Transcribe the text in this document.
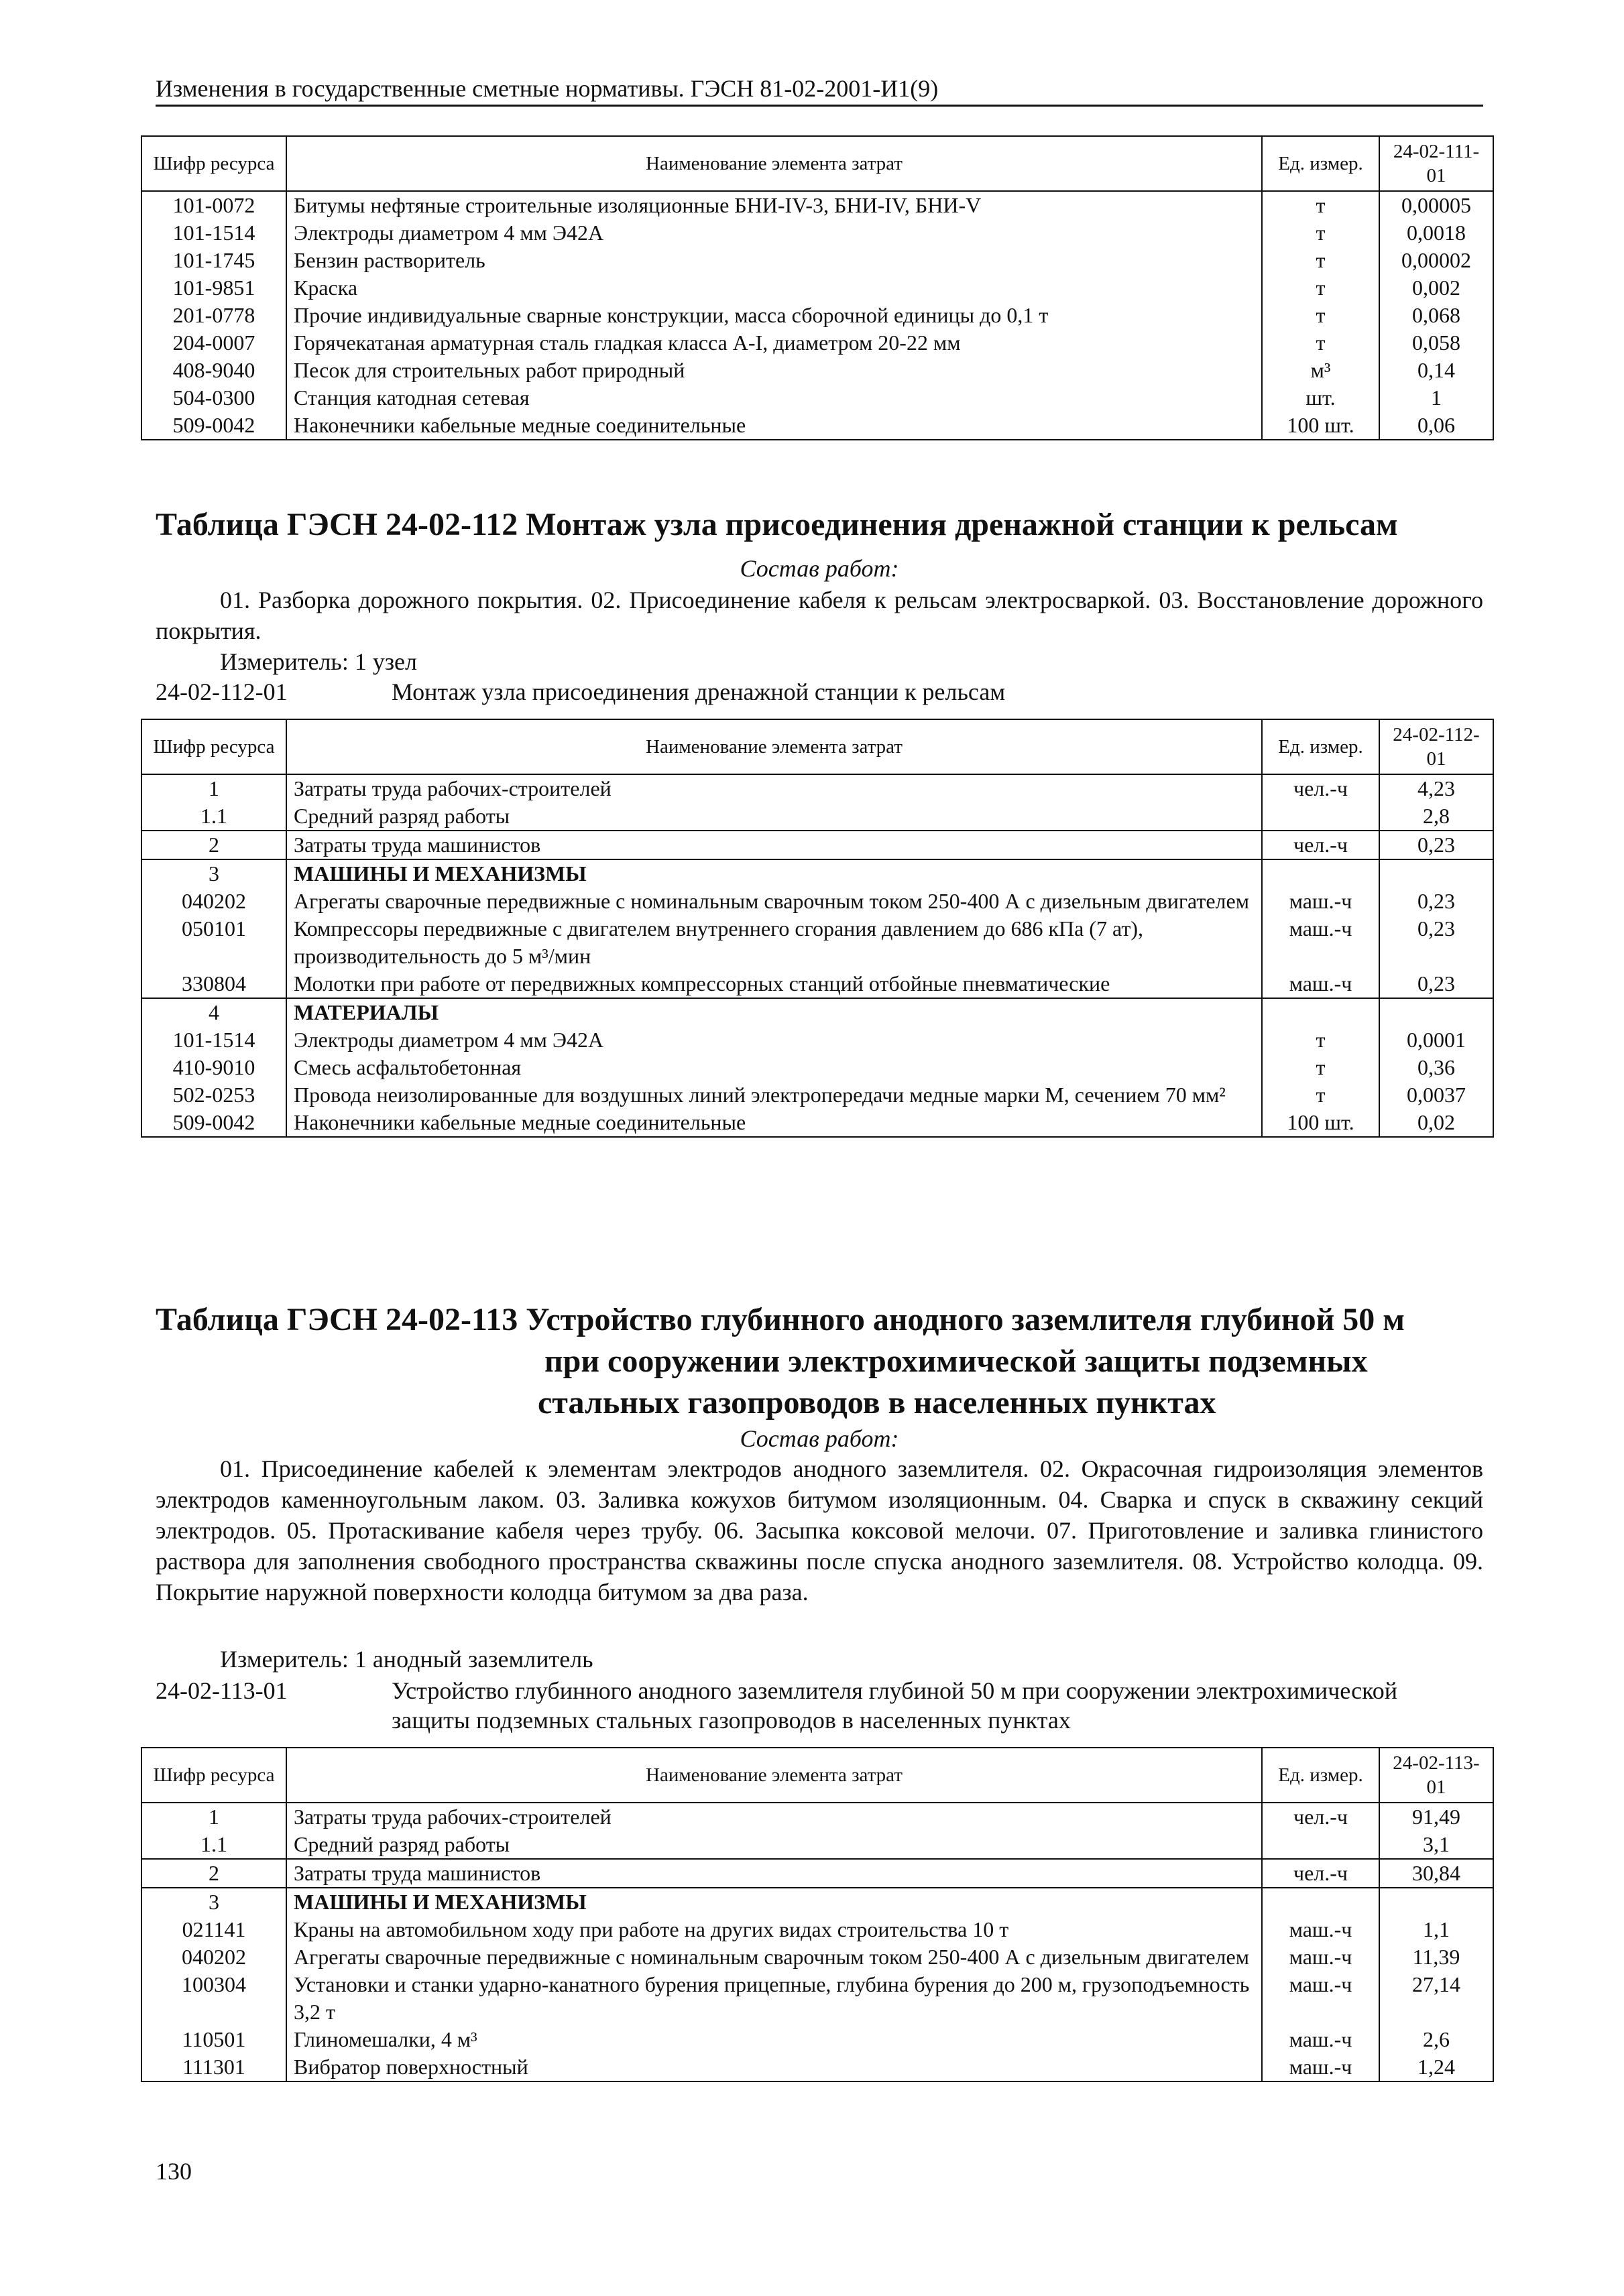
Изменения в государственные сметные нормативы. ГЭСН 81-02-2001-И1(9)
Шифр ресурса	Наименование элемента затрат	Ед. измер.	24-02-111-01
101-0072	Битумы нефтяные строительные изоляционные БНИ-IV-3, БНИ-IV, БНИ-V	т	0,00005
101-1514	Электроды диаметром 4 мм Э42А	т	0,0018
101-1745	Бензин растворитель	т	0,00002
101-9851	Краска	т	0,002
201-0778	Прочие индивидуальные сварные конструкции, масса сборочной единицы до 0,1 т	т	0,068
204-0007	Горячекатаная арматурная сталь гладкая класса A-I, диаметром 20-22 мм	т	0,058
408-9040	Песок для строительных работ природный	м³	0,14
504-0300	Станция катодная сетевая	шт.	1
509-0042	Наконечники кабельные медные соединительные	100 шт.	0,06
Таблица ГЭСН 24-02-112 Монтаж узла присоединения дренажной станции к рельсам
Состав работ:
01. Разборка дорожного покрытия. 02. Присоединение кабеля к рельсам электросваркой. 03. Восстановление дорожного покрытия.
Измеритель: 1 узел
24-02-112-01	Монтаж узла присоединения дренажной станции к рельсам
Шифр ресурса	Наименование элемента затрат	Ед. измер.	24-02-112-01
1	Затраты труда рабочих-строителей	чел.-ч	4,23
1.1	Средний разряд работы		2,8
2	Затраты труда машинистов	чел.-ч	0,23
3	МАШИНЫ И МЕХАНИЗМЫ		
040202	Агрегаты сварочные передвижные с номинальным сварочным током 250-400 А с дизельным двигателем	маш.-ч	0,23
050101	Компрессоры передвижные с двигателем внутреннего сгорания давлением до 686 кПа (7 ат), производительность до 5 м³/мин	маш.-ч	0,23
330804	Молотки при работе от передвижных компрессорных станций отбойные пневматические	маш.-ч	0,23
4	МАТЕРИАЛЫ		
101-1514	Электроды диаметром 4 мм Э42А	т	0,0001
410-9010	Смесь асфальтобетонная	т	0,36
502-0253	Провода неизолированные для воздушных линий электропередачи медные марки М, сечением 70 мм²	т	0,0037
509-0042	Наконечники кабельные медные соединительные	100 шт.	0,02
Таблица ГЭСН 24-02-113 Устройство глубинного анодного заземлителя глубиной 50 м
при сооружении электрохимической защиты подземных
стальных газопроводов в населенных пунктах
Состав работ:
01. Присоединение кабелей к элементам электродов анодного заземлителя. 02. Окрасочная гидроизоляция элементов электродов каменноугольным лаком. 03. Заливка кожухов битумом изоляционным. 04. Сварка и спуск в скважину секций электродов. 05. Протаскивание кабеля через трубу. 06. Засыпка коксовой мелочи. 07. Приготовление и заливка глинистого раствора для заполнения свободного пространства скважины после спуска анодного заземлителя. 08. Устройство колодца. 09. Покрытие наружной поверхности колодца битумом за два раза.
Измеритель: 1 анодный заземлитель
24-02-113-01	Устройство глубинного анодного заземлителя глубиной 50 м при сооружении электрохимической защиты подземных стальных газопроводов в населенных пунктах
Шифр ресурса	Наименование элемента затрат	Ед. измер.	24-02-113-01
1	Затраты труда рабочих-строителей	чел.-ч	91,49
1.1	Средний разряд работы		3,1
2	Затраты труда машинистов	чел.-ч	30,84
3	МАШИНЫ И МЕХАНИЗМЫ		
021141	Краны на автомобильном ходу при работе на других видах строительства 10 т	маш.-ч	1,1
040202	Агрегаты сварочные передвижные с номинальным сварочным током 250-400 А с дизельным двигателем	маш.-ч	11,39
100304	Установки и станки ударно-канатного бурения прицепные, глубина бурения до 200 м, грузоподъемность 3,2 т	маш.-ч	27,14
110501	Глиномешалки, 4 м³	маш.-ч	2,6
111301	Вибратор поверхностный	маш.-ч	1,24
130
